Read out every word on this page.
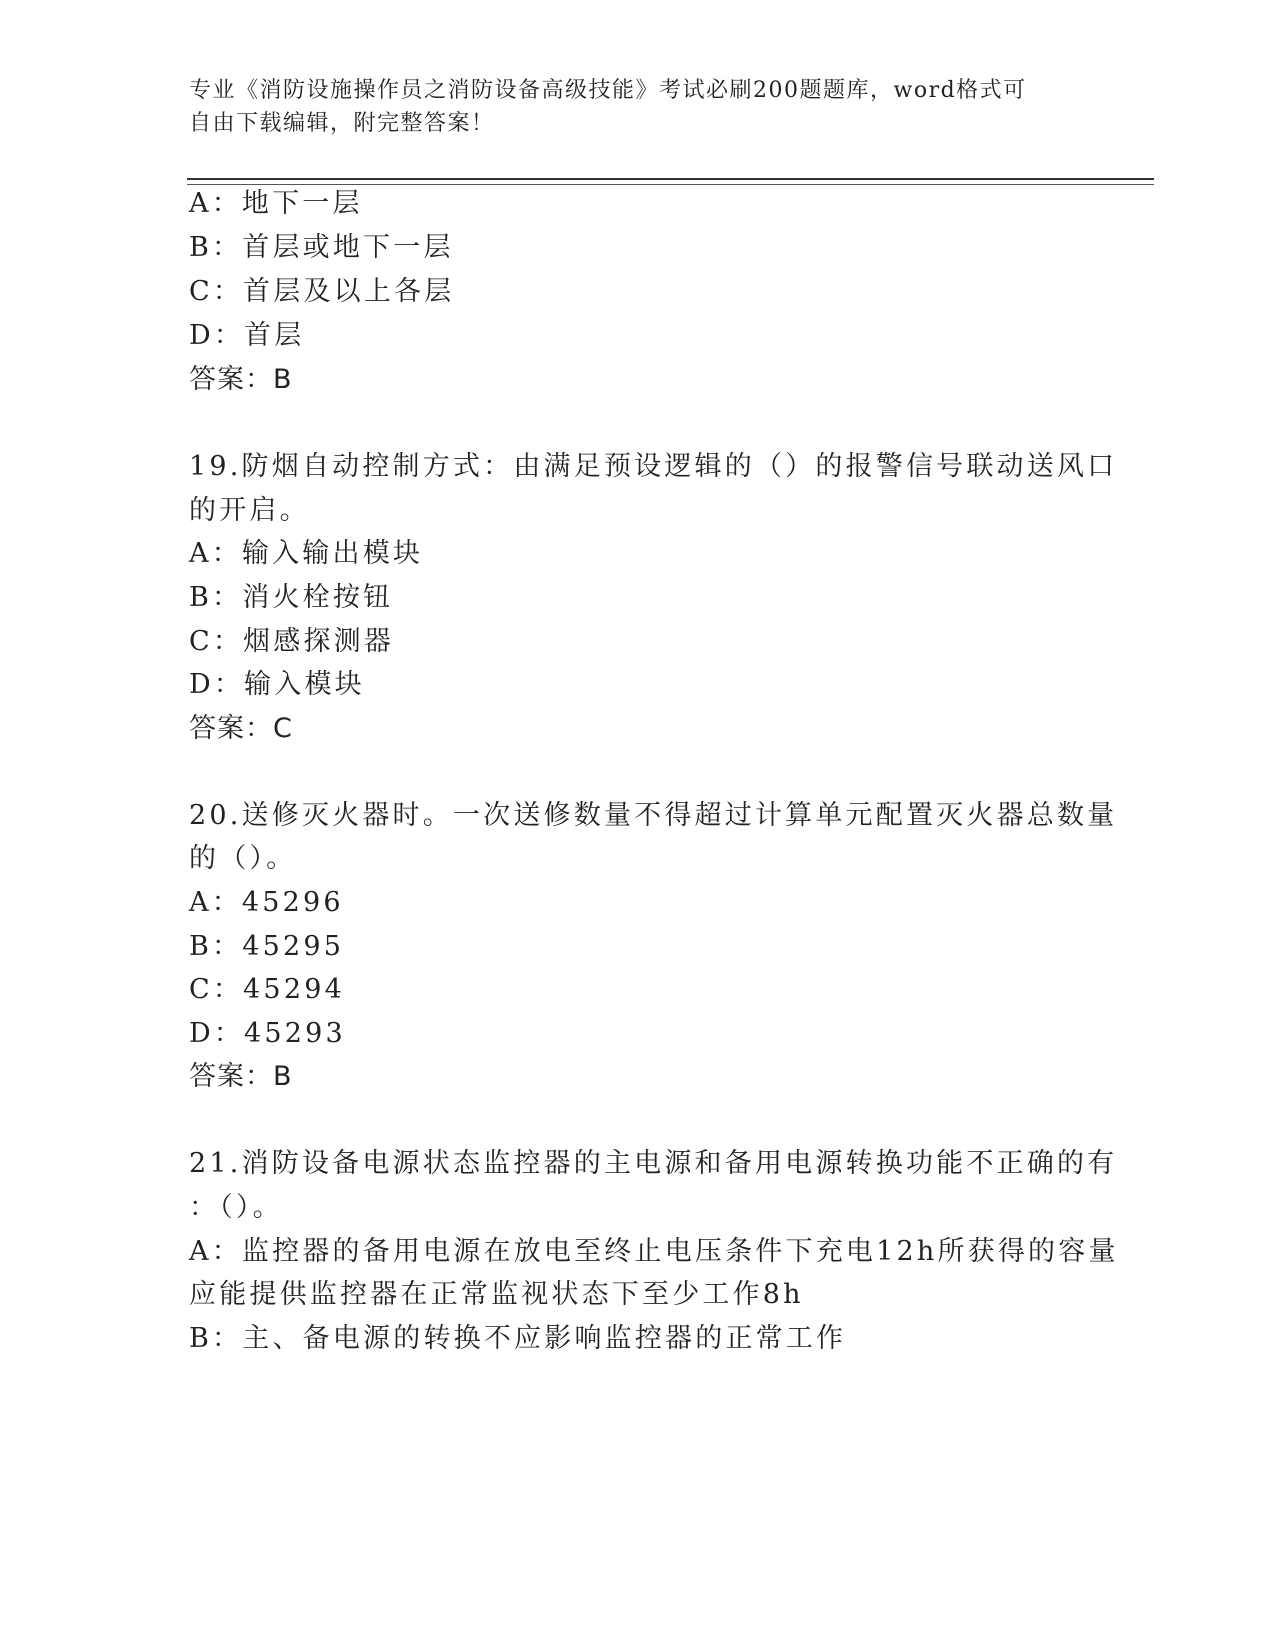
专业《消防设施操作员之消防设备高级技能》考试必刷200题题库，word格式可
自由下载编辑，附完整答案！
A：地下一层
B：首层或地下一层
C：首层及以上各层
D：首层
答案：B
19.防烟自动控制方式：由满足预设逻辑的（）的报警信号联动送风口
的开启。
A：输入输出模块
B：消火栓按钮
C：烟感探测器
D：输入模块
答案：C
20.送修灭火器时。一次送修数量不得超过计算单元配置灭火器总数量
的（）。
A：45296
B：45295
C：45294
D：45293
答案：B
21.消防设备电源状态监控器的主电源和备用电源转换功能不正确的有
：（）。
A：监控器的备用电源在放电至终止电压条件下充电12h所获得的容量
应能提供监控器在正常监视状态下至少工作8h
B：主、备电源的转换不应影响监控器的正常工作
